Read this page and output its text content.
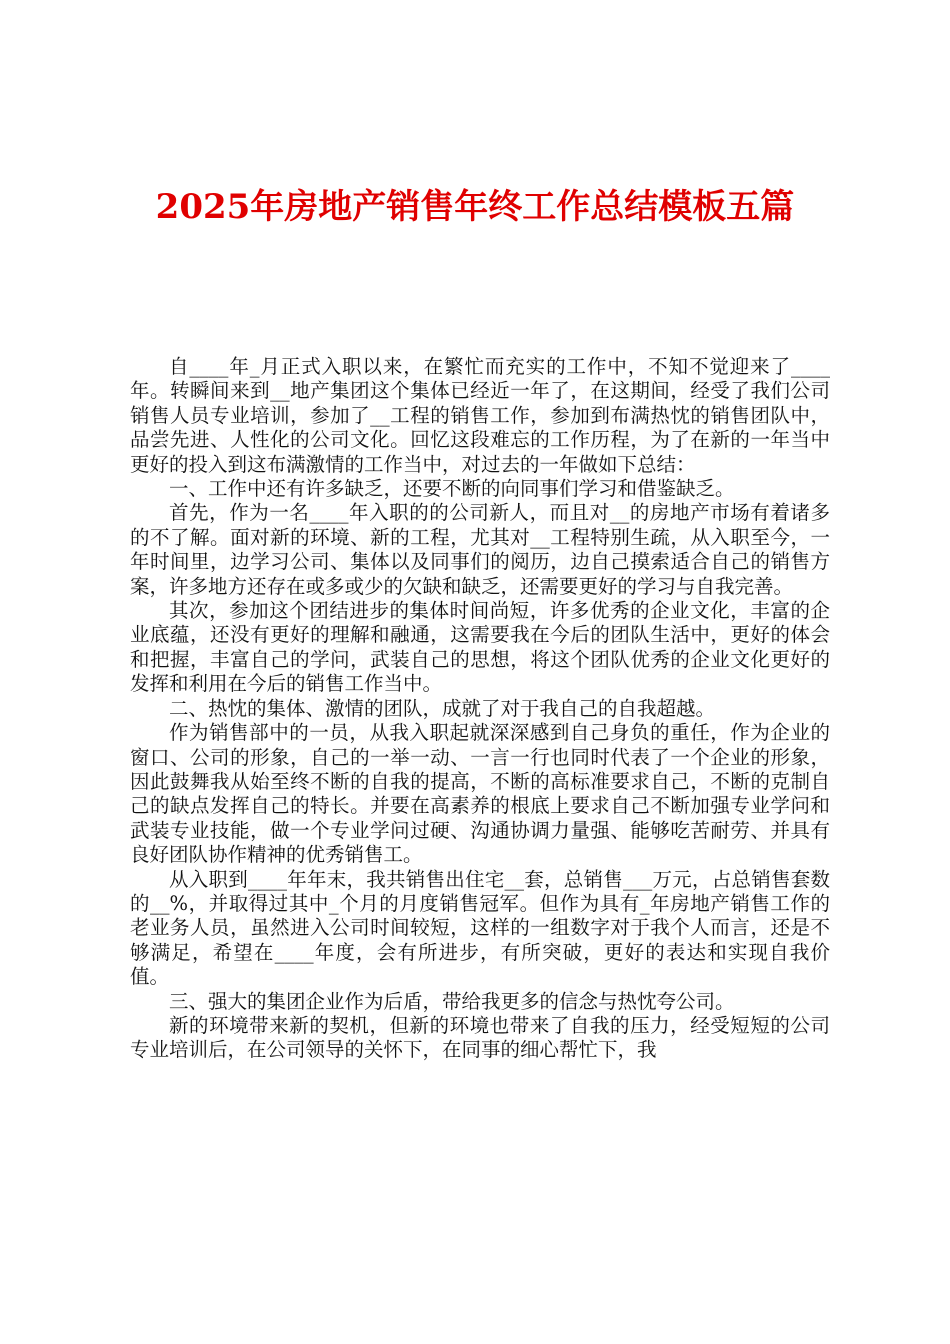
2025年房地产销售年终工作总结模板五篇

自____年_月正式入职以来，在繁忙而充实的工作中，不知不觉迎来了____年。转瞬间来到__地产集团这个集体已经近一年了，在这期间，经受了我们公司销售人员专业培训，参加了__工程的销售工作，参加到布满热忱的销售团队中，品尝先进、人性化的公司文化。回忆这段难忘的工作历程，为了在新的一年当中更好的投入到这布满激情的工作当中，对过去的一年做如下总结：

一、工作中还有许多缺乏，还要不断的向同事们学习和借鉴缺乏。

首先，作为一名____年入职的的公司新人，而且对__的房地产市场有着诸多的不了解。面对新的环境、新的工程，尤其对__工程特别生疏，从入职至今，一年时间里，边学习公司、集体以及同事们的阅历，边自己摸索适合自己的销售方案，许多地方还存在或多或少的欠缺和缺乏，还需要更好的学习与自我完善。

其次，参加这个团结进步的集体时间尚短，许多优秀的企业文化，丰富的企业底蕴，还没有更好的理解和融通，这需要我在今后的团队生活中，更好的体会和把握，丰富自己的学问，武装自己的思想，将这个团队优秀的企业文化更好的发挥和利用在今后的销售工作当中。

二、热忱的集体、激情的团队，成就了对于我自己的自我超越。

作为销售部中的一员，从我入职起就深深感到自己身负的重任，作为企业的窗口、公司的形象，自己的一举一动、一言一行也同时代表了一个企业的形象，因此鼓舞我从始至终不断的自我的提高，不断的高标准要求自己，不断的克制自己的缺点发挥自己的特长。并要在高素养的根底上要求自己不断加强专业学问和武装专业技能，做一个专业学问过硬、沟通协调力量强、能够吃苦耐劳、并具有良好团队协作精神的优秀销售工。

从入职到____年年末，我共销售出住宅__套，总销售___万元，占总销售套数的__%，并取得过其中_个月的月度销售冠军。但作为具有_年房地产销售工作的老业务人员，虽然进入公司时间较短，这样的一组数字对于我个人而言，还是不够满足，希望在____年度，会有所进步，有所突破，更好的表达和实现自我价值。

三、强大的集团企业作为后盾，带给我更多的信念与热忱夸公司。

新的环境带来新的契机，但新的环境也带来了自我的压力，经受短短的公司专业培训后，在公司领导的关怀下，在同事的细心帮忙下，我
